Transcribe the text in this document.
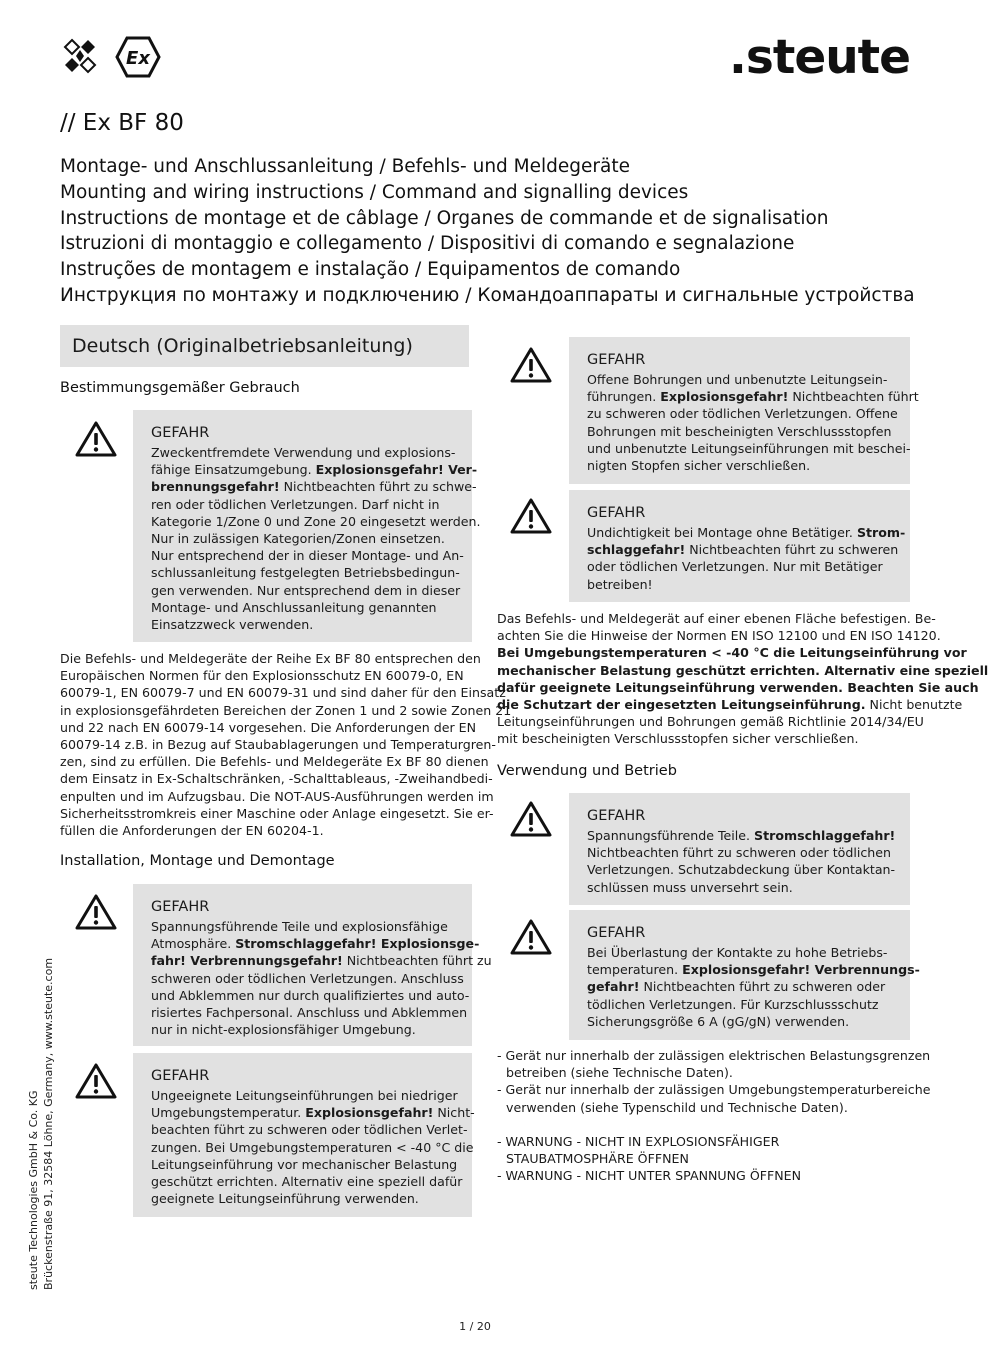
Ex	.steute
// Ex BF 80
Montage- und Anschlussanleitung / Befehls- und Meldegeräte
Mounting and wiring instructions / Command and signalling devices
Instructions de montage et de câblage / Organes de commande et de signalisation
Istruzioni di montaggio e collegamento / Dispositivi di comando e segnalazione
Instruções de montagem e instalação / Equipamentos de comando
Инструкция по монтажу и подключению / Командоаппараты и сигнальные устройства
Deutsch (Originalbetriebsanleitung)
Bestimmungsgemäßer Gebrauch
GEFAHR
Zweckentfremdete Verwendung und explosions-
fähige Einsatzumgebung. Explosionsgefahr! Ver-
brennungsgefahr! Nichtbeachten führt zu schwe-
ren oder tödlichen Verletzungen. Darf nicht in
Kategorie 1/Zone 0 und Zone 20 eingesetzt werden.
Nur in zulässigen Kategorien/Zonen einsetzen.
Nur entsprechend der in dieser Montage- und An-
schlussanleitung festgelegten Betriebsbedingun-
gen verwenden. Nur entsprechend dem in dieser
Montage- und Anschlussanleitung genannten
Einsatzzweck verwenden.
Die Befehls- und Meldegeräte der Reihe Ex BF 80 entsprechen den
Europäischen Normen für den Explosionsschutz EN 60079-0, EN
60079-1, EN 60079-7 und EN 60079-31 und sind daher für den Einsatz
in explosionsgefährdeten Bereichen der Zonen 1 und 2 sowie Zonen 21
und 22 nach EN 60079-14 vorgesehen. Die Anforderungen der EN
60079-14 z.B. in Bezug auf Staubablagerungen und Temperaturgren-
zen, sind zu erfüllen. Die Befehls- und Meldegeräte Ex BF 80 dienen
dem Einsatz in Ex-Schaltschränken, -Schalttableaus, -Zweihandbedi-
enpulten und im Aufzugsbau. Die NOT-AUS-Ausführungen werden im
Sicherheitsstromkreis einer Maschine oder Anlage eingesetzt. Sie er-
füllen die Anforderungen der EN 60204-1.
Installation, Montage und Demontage
GEFAHR
Spannungsführende Teile und explosionsfähige
Atmosphäre. Stromschlaggefahr! Explosionsge-
fahr! Verbrennungsgefahr! Nichtbeachten führt zu
schweren oder tödlichen Verletzungen. Anschluss
und Abklemmen nur durch qualifiziertes und auto-
risiertes Fachpersonal. Anschluss und Abklemmen
nur in nicht-explosionsfähiger Umgebung.
GEFAHR
Ungeeignete Leitungseinführungen bei niedriger
Umgebungstemperatur. Explosionsgefahr! Nicht-
beachten führt zu schweren oder tödlichen Verlet-
zungen. Bei Umgebungstemperaturen < -40 °C die
Leitungseinführung vor mechanischer Belastung
geschützt errichten. Alternativ eine speziell dafür
geeignete Leitungseinführung verwenden.
GEFAHR
Offene Bohrungen und unbenutzte Leitungsein-
führungen. Explosionsgefahr! Nichtbeachten führt
zu schweren oder tödlichen Verletzungen. Offene
Bohrungen mit bescheinigten Verschlussstopfen
und unbenutzte Leitungseinführungen mit beschei-
nigten Stopfen sicher verschließen.
GEFAHR
Undichtigkeit bei Montage ohne Betätiger. Strom-
schlaggefahr! Nichtbeachten führt zu schweren
oder tödlichen Verletzungen. Nur mit Betätiger
betreiben!
Das Befehls- und Meldegerät auf einer ebenen Fläche befestigen. Be-
achten Sie die Hinweise der Normen EN ISO 12100 und EN ISO 14120.
Bei Umgebungstemperaturen < -40 °C die Leitungseinführung vor
mechanischer Belastung geschützt errichten. Alternativ eine speziell
dafür geeignete Leitungseinführung verwenden. Beachten Sie auch
die Schutzart der eingesetzten Leitungseinführung. Nicht benutzte
Leitungseinführungen und Bohrungen gemäß Richtlinie 2014/34/EU
mit bescheinigten Verschlussstopfen sicher verschließen.
Verwendung und Betrieb
GEFAHR
Spannungsführende Teile. Stromschlaggefahr!
Nichtbeachten führt zu schweren oder tödlichen
Verletzungen. Schutzabdeckung über Kontaktan-
schlüssen muss unversehrt sein.
GEFAHR
Bei Überlastung der Kontakte zu hohe Betriebs-
temperaturen. Explosionsgefahr! Verbrennungs-
gefahr! Nichtbeachten führt zu schweren oder
tödlichen Verletzungen. Für Kurzschlussschutz
Sicherungsgröße 6 A (gG/gN) verwenden.
- Gerät nur innerhalb der zulässigen elektrischen Belastungsgrenzen
betreiben (siehe Technische Daten).
- Gerät nur innerhalb der zulässigen Umgebungstemperaturbereiche
verwenden (siehe Typenschild und Technische Daten).
- WARNUNG - NICHT IN EXPLOSIONSFÄHIGER
STAUBATMOSPHÄRE ÖFFNEN
- WARNUNG - NICHT UNTER SPANNUNG ÖFFNEN
steute Technologies GmbH & Co. KG Brückenstraße 91, 32584 Löhne, Germany, www.steute.com
1 / 20
